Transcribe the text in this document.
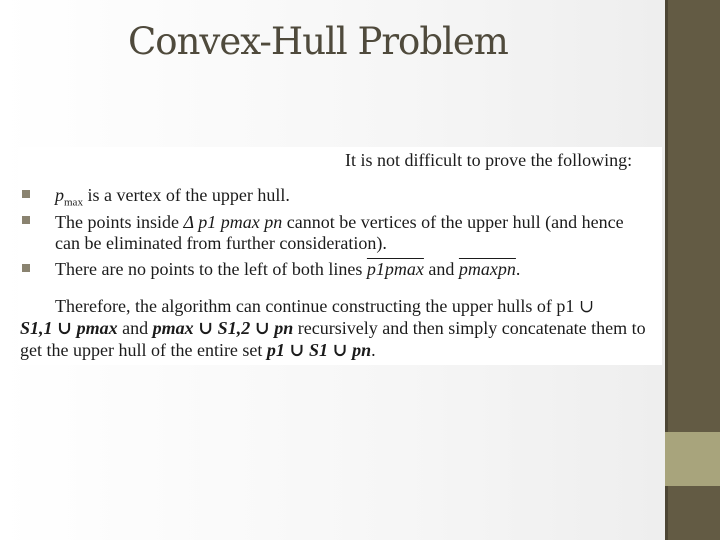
Convex-Hull Problem
It is not difficult to prove the following:
$p_{max}$ is a vertex of the upper hull.
The points inside Δ p1 pmax pn cannot be vertices of the upper hull (and hence
can be eliminated from further consideration).
There are no points to the left of both lines p1pmax and pmaxpn.
Therefore, the algorithm can continue constructing the upper hulls of p1 ∪
S1,1 ∪ pmax and pmax ∪ S1,2 ∪ pn recursively and then simply concatenate them to
get the upper hull of the entire set p1 ∪ S1 ∪ pn.
